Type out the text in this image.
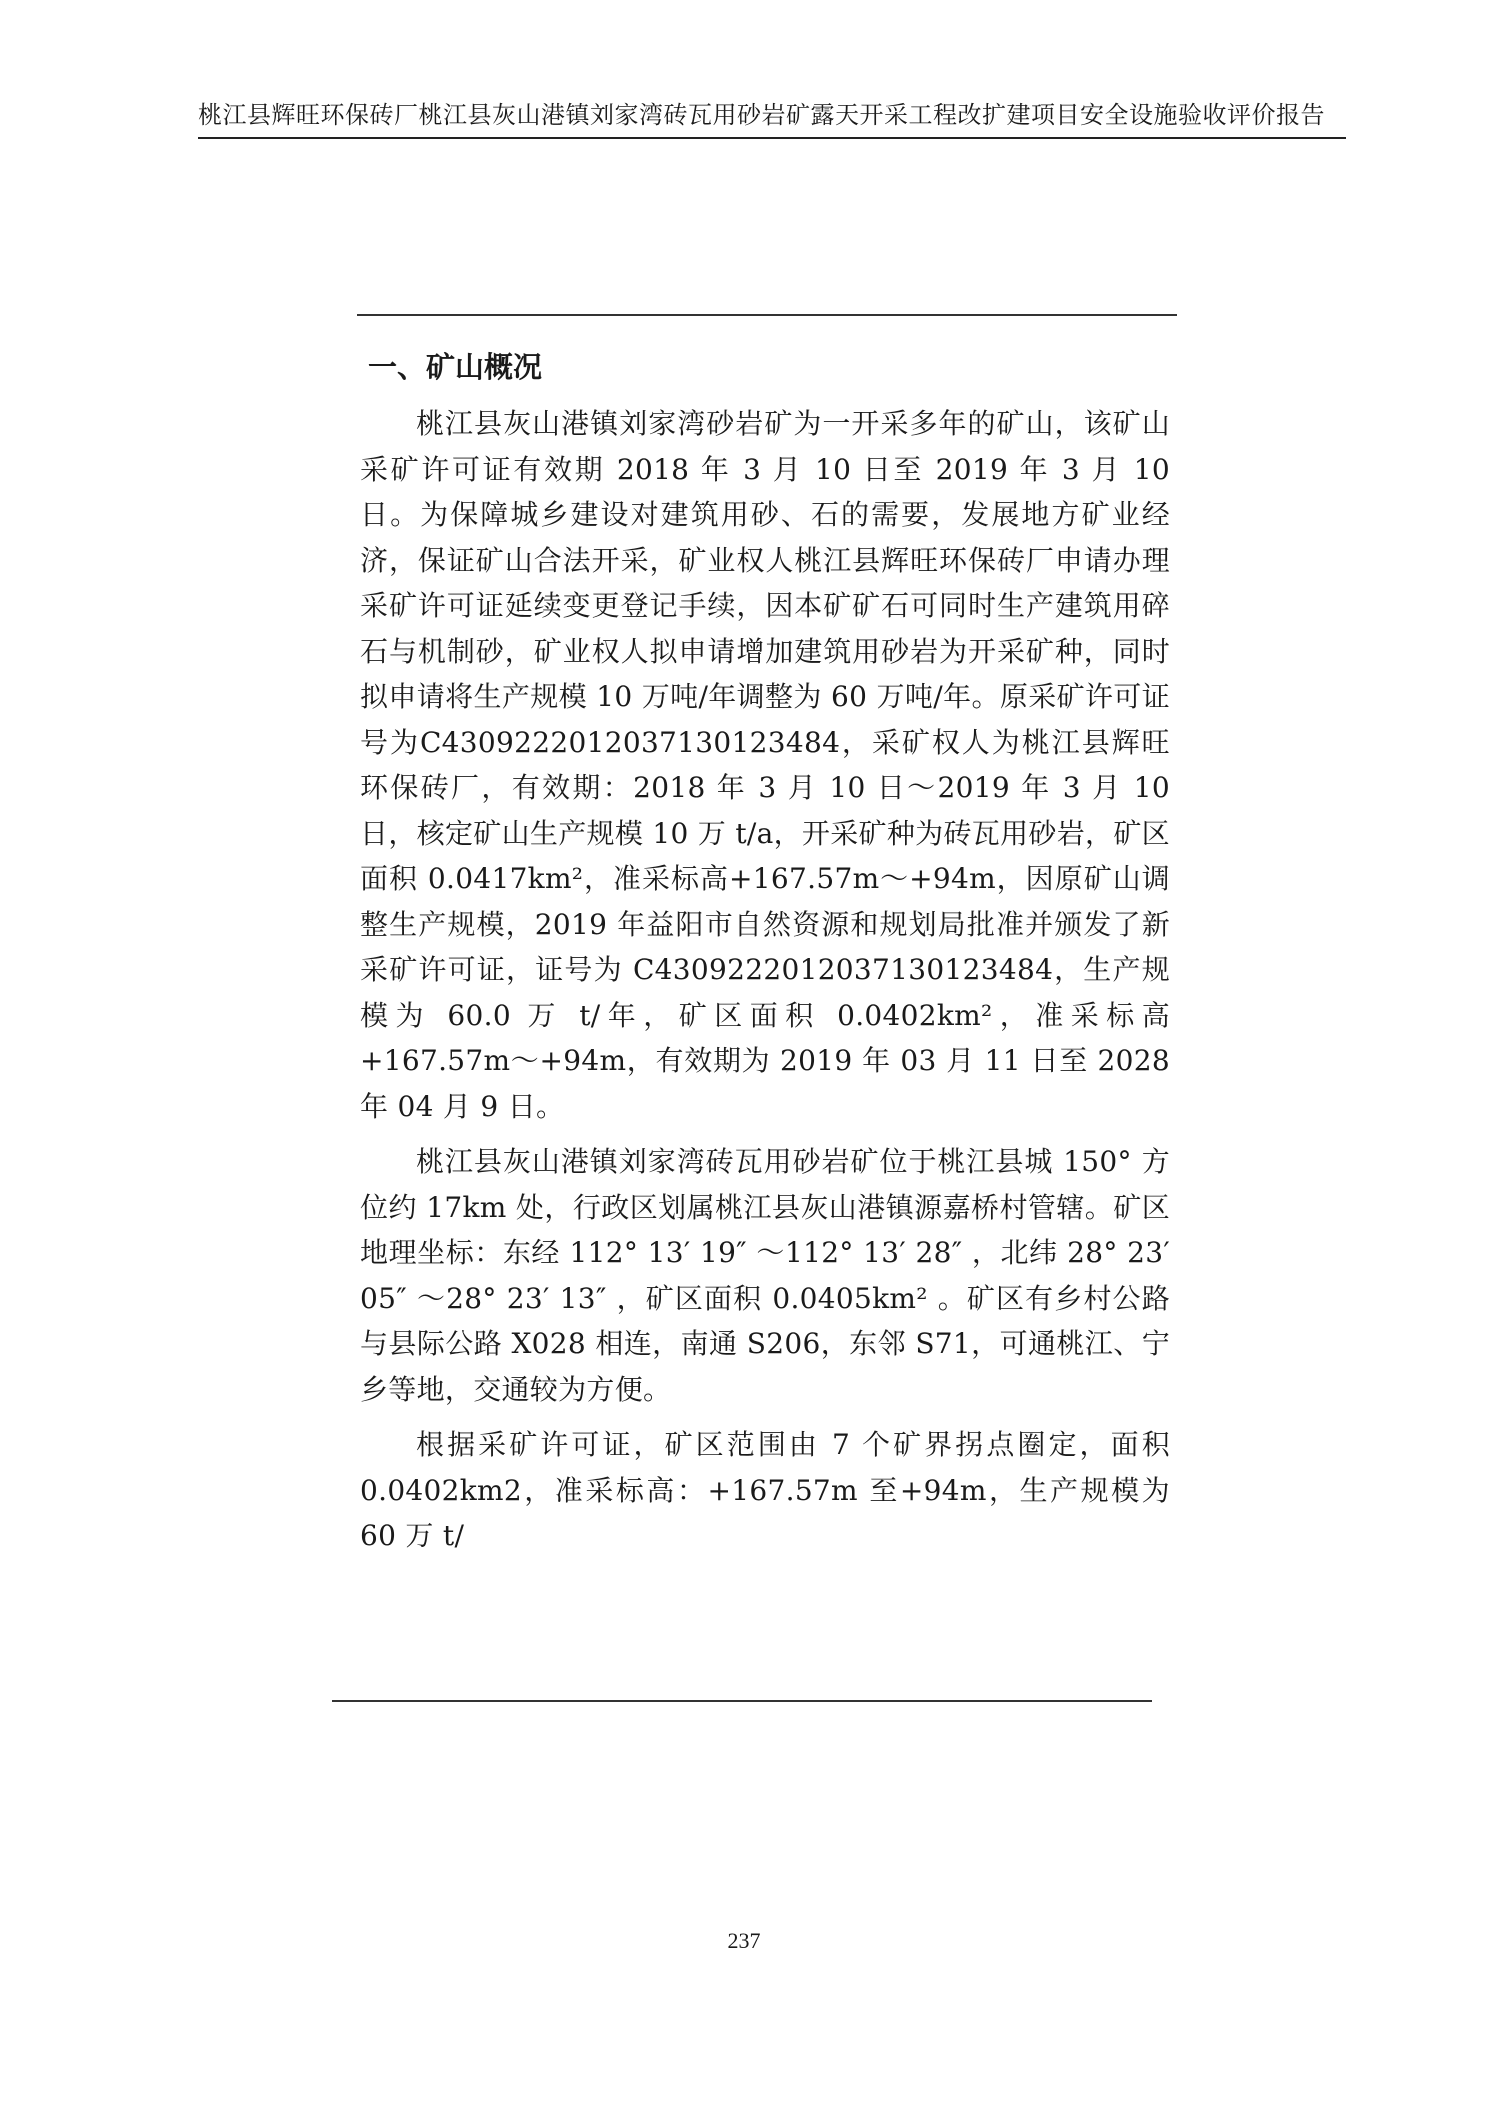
桃江县辉旺环保砖厂桃江县灰山港镇刘家湾砖瓦用砂岩矿露天开采工程改扩建项目安全设施验收评价报告
一、矿山概况

桃江县灰山港镇刘家湾砂岩矿为一开采多年的矿山，该矿山采矿许可证有效期 2018 年 3 月 10 日至 2019 年 3 月 10 日。为保障城乡建设对建筑用砂、石的需要，发展地方矿业经济，保证矿山合法开采，矿业权人桃江县辉旺环保砖厂申请办理采矿许可证延续变更登记手续，因本矿矿石可同时生产建筑用碎石与机制砂，矿业权人拟申请增加建筑用砂岩为开采矿种，同时拟申请将生产规模 10 万吨/年调整为 60 万吨/年。原采矿许可证号为C4309222012037130123484，采矿权人为桃江县辉旺环保砖厂，有效期：2018 年 3 月 10 日～2019 年 3 月 10 日，核定矿山生产规模 10 万 t/a，开采矿种为砖瓦用砂岩，矿区面积 0.0417km²，准采标高+167.57m～+94m，因原矿山调整生产规模，2019 年益阳市自然资源和规划局批准并颁发了新采矿许可证，证号为 C4309222012037130123484，生产规模为 60.0 万 t/年，矿区面积 0.0402km²，准采标高+167.57m～+94m，有效期为 2019 年 03 月 11 日至 2028 年 04 月 9 日。

桃江县灰山港镇刘家湾砖瓦用砂岩矿位于桃江县城 150° 方位约 17km 处，行政区划属桃江县灰山港镇源嘉桥村管辖。矿区地理坐标：东经 112° 13′ 19″ ～112° 13′ 28″ ，北纬 28° 23′ 05″ ～28° 23′ 13″ ，矿区面积 0.0405km² 。矿区有乡村公路与县际公路 X028 相连，南通 S206，东邻 S71，可通桃江、宁乡等地，交通较为方便。

根据采矿许可证，矿区范围由 7 个矿界拐点圈定，面积0.0402km2，准采标高：+167.57m 至+94m，生产规模为 60 万 t/

237
